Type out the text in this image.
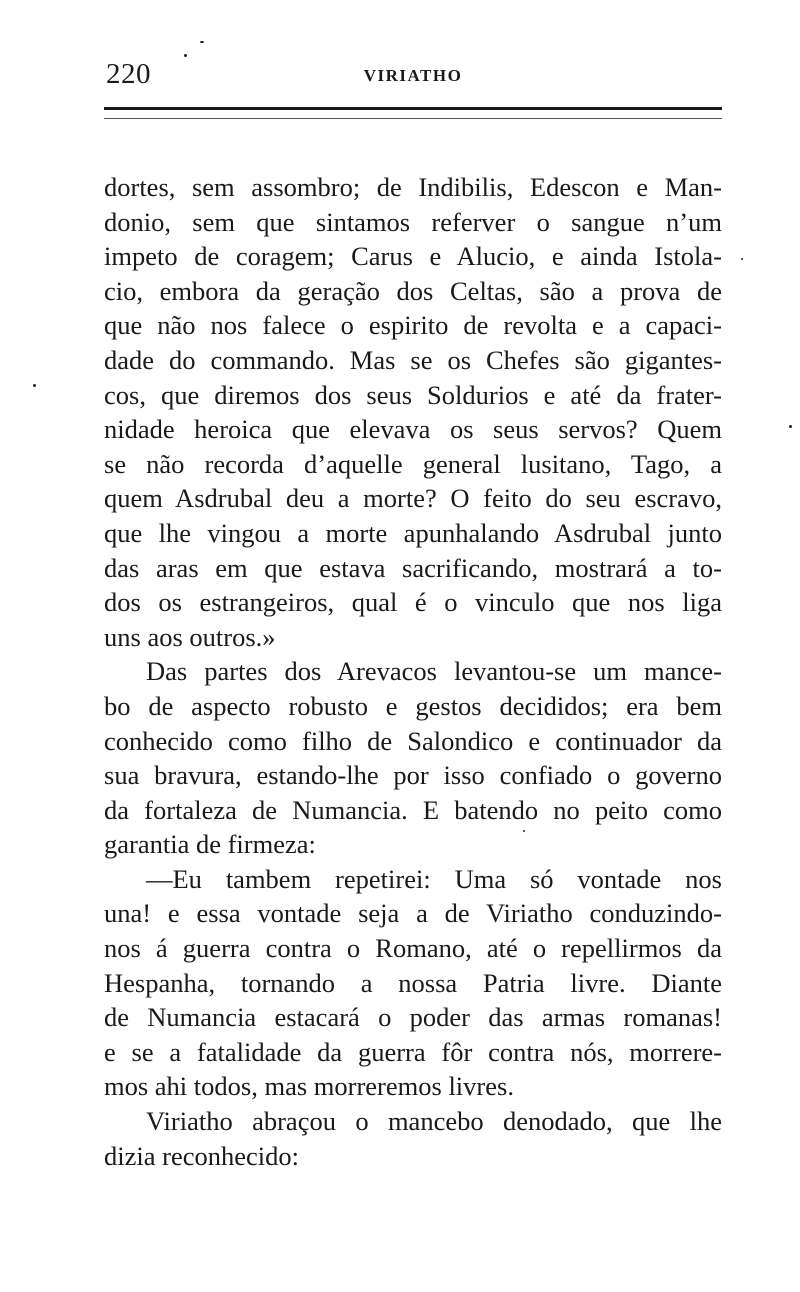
220	VIRIATHO
dortes, sem assombro; de Indibilis, Edescon e Man-
donio, sem que sintamos referver o sangue n’um
impeto de coragem; Carus e Alucio, e ainda Istola-
cio, embora da geração dos Celtas, são a prova de
que não nos falece o espirito de revolta e a capaci-
dade do commando. Mas se os Chefes são gigantes-
cos, que diremos dos seus Soldurios e até da frater-
nidade heroica que elevava os seus servos? Quem
se não recorda d’aquelle general lusitano, Tago, a
quem Asdrubal deu a morte? O feito do seu escravo,
que lhe vingou a morte apunhalando Asdrubal junto
das aras em que estava sacrificando, mostrará a to-
dos os estrangeiros, qual é o vinculo que nos liga
uns aos outros.»
Das partes dos Arevacos levantou-se um mance-
bo de aspecto robusto e gestos decididos; era bem
conhecido como filho de Salondico e continuador da
sua bravura, estando-lhe por isso confiado o governo
da fortaleza de Numancia. E batendo no peito como
garantia de firmeza:
—Eu tambem repetirei: Uma só vontade nos
una! e essa vontade seja a de Viriatho conduzindo-
nos á guerra contra o Romano, até o repellirmos da
Hespanha, tornando a nossa Patria livre. Diante
de Numancia estacará o poder das armas romanas!
e se a fatalidade da guerra fôr contra nós, morrere-
mos ahi todos, mas morreremos livres.
Viriatho abraçou o mancebo denodado, que lhe
dizia reconhecido:
